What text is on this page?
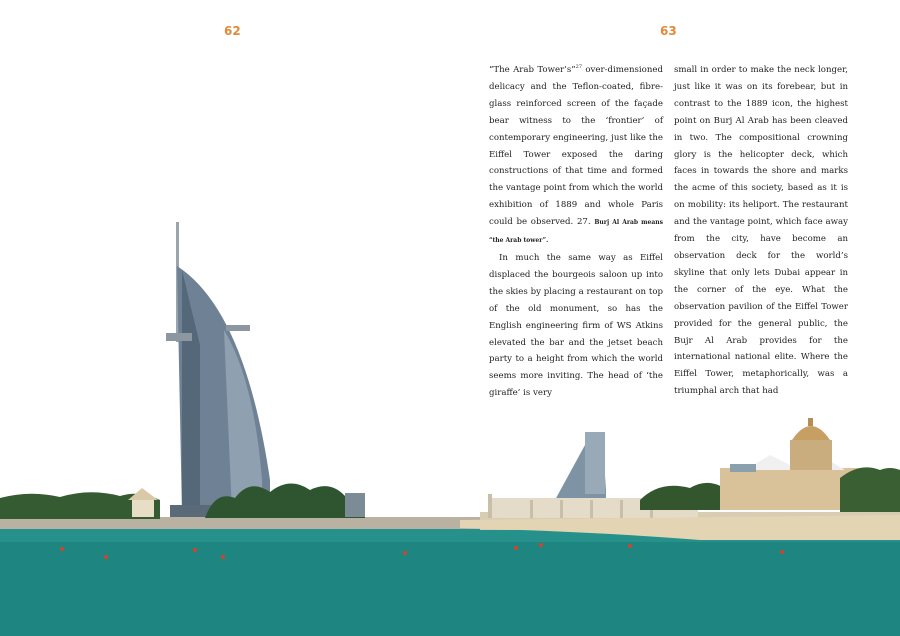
62	63

“The Arab Tower’s”$^{27}$ over-dimensioned delicacy and the Teflon-coated, fibre-glass reinforced screen of the façade bear witness to the ‘frontier’ of contemporary engineering, just like the Eiffel Tower exposed the daring constructions of that time and formed the vantage point from which the world exhibition of 1889 and whole Paris could be observed. 27. Burj Al Arab means “the Arab tower”.

In much the same way as Eiffel displaced the bourgeois saloon up into the skies by placing a restaurant on top of the old monument, so has the English engineering firm of WS Atkins elevated the bar and the jetset beach party to a height from which the world seems more inviting. The head of ‘the giraffe’ is very

small in order to make the neck longer, just like it was on its forebear, but in contrast to the 1889 icon, the highest point on Burj Al Arab has been cleaved in two. The compositional crowning glory is the helicopter deck, which faces in towards the shore and marks the acme of this society, based as it is on mobility: its heliport. The restaurant and the vantage point, which face away from the city, have become an observation deck for the world’s skyline that only lets Dubai appear in the corner of the eye. What the observation pavilion of the Eiffel Tower provided for the general public, the Bujr Al Arab provides for the international national elite. Where the Eiffel Tower, metaphorically, was a triumphal arch that had
